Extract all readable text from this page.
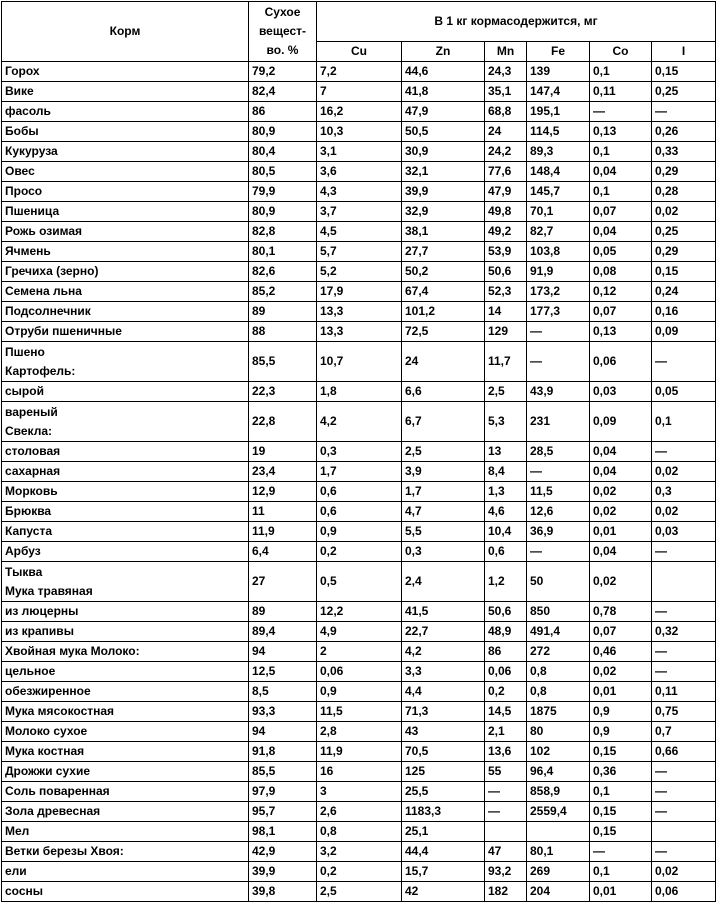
Корм	Сухое
вещест-
во. %	В 1 кг кормасодержится, мг					
		Cu	Zn	Mn	Fe	Co	I
Горох	79,2	7,2	44,6	24,3	139	0,1	0,15
Вике	82,4	7	41,8	35,1	147,4	0,11	0,25
фасоль	86	16,2	47,9	68,8	195,1	—	—
Бобы	80,9	10,3	50,5	24	114,5	0,13	0,26
Кукуруза	80,4	3,1	30,9	24,2	89,3	0,1	0,33
Овес	80,5	3,6	32,1	77,6	148,4	0,04	0,29
Просо	79,9	4,3	39,9	47,9	145,7	0,1	0,28
Пшеница	80,9	3,7	32,9	49,8	70,1	0,07	0,02
Рожь озимая	82,8	4,5	38,1	49,2	82,7	0,04	0,25
Ячмень	80,1	5,7	27,7	53,9	103,8	0,05	0,29
Гречиха (зерно)	82,6	5,2	50,2	50,6	91,9	0,08	0,15
Семена льна	85,2	17,9	67,4	52,3	173,2	0,12	0,24
Подсолнечник	89	13,3	101,2	14	177,3	0,07	0,16
Отруби пшеничные	88	13,3	72,5	129	—	0,13	0,09

Пшено
Картофель:	85,5	10,7	24	11,7	—	0,06	—
сырой	22,3	1,8	6,6	2,5	43,9	0,03	0,05

вареный
Свекла:	22,8	4,2	6,7	5,3	231	0,09	0,1
столовая	19	0,3	2,5	13	28,5	0,04	—
сахарная	23,4	1,7	3,9	8,4	—	0,04	0,02
Морковь	12,9	0,6	1,7	1,3	11,5	0,02	0,3
Брюква	11	0,6	4,7	4,6	12,6	0,02	0,02
Капуста	11,9	0,9	5,5	10,4	36,9	0,01	0,03
Арбуз	6,4	0,2	0,3	0,6	—	0,04	—

Тыква
Мука травяная	27	0,5	2,4	1,2	50	0,02	
из люцерны	89	12,2	41,5	50,6	850	0,78	—
из крапивы	89,4	4,9	22,7	48,9	491,4	0,07	0,32
Хвойная мука Молоко:	94	2	4,2	86	272	0,46	—
цельное	12,5	0,06	3,3	0,06	0,8	0,02	—
обезжиренное	8,5	0,9	4,4	0,2	0,8	0,01	0,11
Мука мясокостная	93,3	11,5	71,3	14,5	1875	0,9	0,75
Молоко сухое	94	2,8	43	2,1	80	0,9	0,7
Мука костная	91,8	11,9	70,5	13,6	102	0,15	0,66
Дрожжи сухие	85,5	16	125	55	96,4	0,36	—
Соль поваренная	97,9	3	25,5	—	858,9	0,1	—
Зола древесная	95,7	2,6	1183,3	—	2559,4	0,15	—
Мел	98,1	0,8	25,1			0,15	
Ветки березы Хвоя:	42,9	3,2	44,4	47	80,1	—	—
ели	39,9	0,2	15,7	93,2	269	0,1	0,02
сосны	39,8	2,5	42	182	204	0,01	0,06
